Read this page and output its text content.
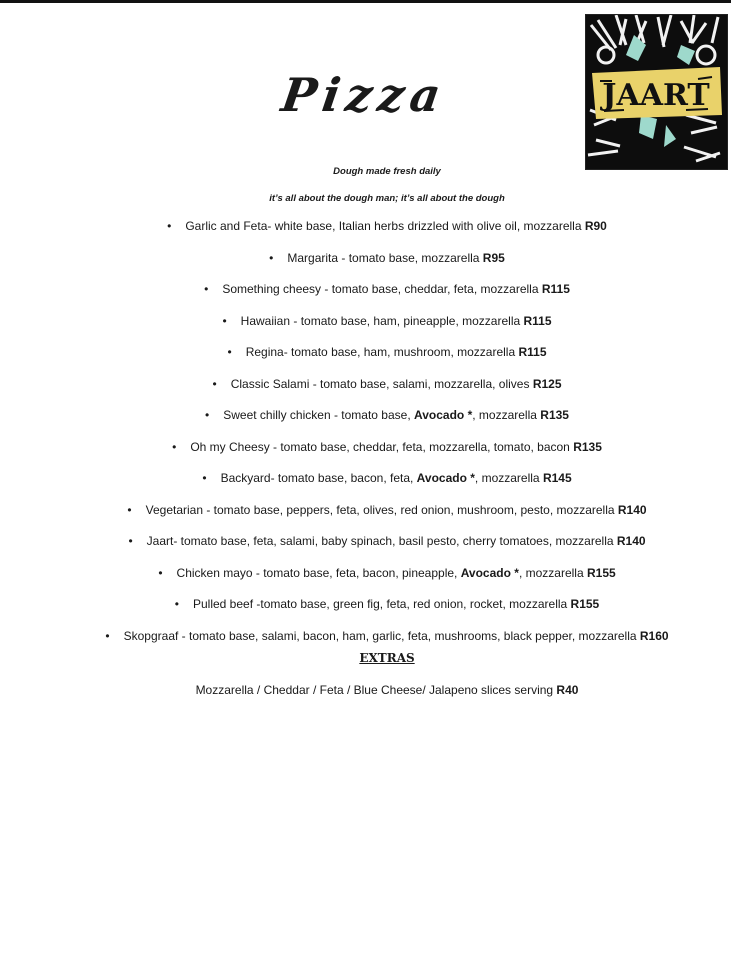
Pizza	JAART
Dough made fresh daily
it’s all about the dough man; it’s all about the dough
• Garlic and Feta- white base, Italian herbs drizzled with olive oil, mozzarella R90
• Margarita - tomato base, mozzarella R95
• Something cheesy - tomato base, cheddar, feta, mozzarella R115
• Hawaiian - tomato base, ham, pineapple, mozzarella R115
• Regina- tomato base, ham, mushroom, mozzarella R115
• Classic Salami - tomato base, salami, mozzarella, olives R125
• Sweet chilly chicken - tomato base, Avocado *, mozzarella R135
• Oh my Cheesy - tomato base, cheddar, feta, mozzarella, tomato, bacon R135
• Backyard- tomato base, bacon, feta, Avocado *, mozzarella R145
• Vegetarian - tomato base, peppers, feta, olives, red onion, mushroom, pesto, mozzarella R140
• Jaart- tomato base, feta, salami, baby spinach, basil pesto, cherry tomatoes, mozzarella R140
• Chicken mayo - tomato base, feta, bacon, pineapple, Avocado *, mozzarella R155
• Pulled beef -tomato base, green fig, feta, red onion, rocket, mozzarella R155
• Skopgraaf - tomato base, salami, bacon, ham, garlic, feta, mushrooms, black pepper, mozzarella R160
EXTRAS
Mozzarella / Cheddar / Feta / Blue Cheese/ Jalapeno slices serving R40
